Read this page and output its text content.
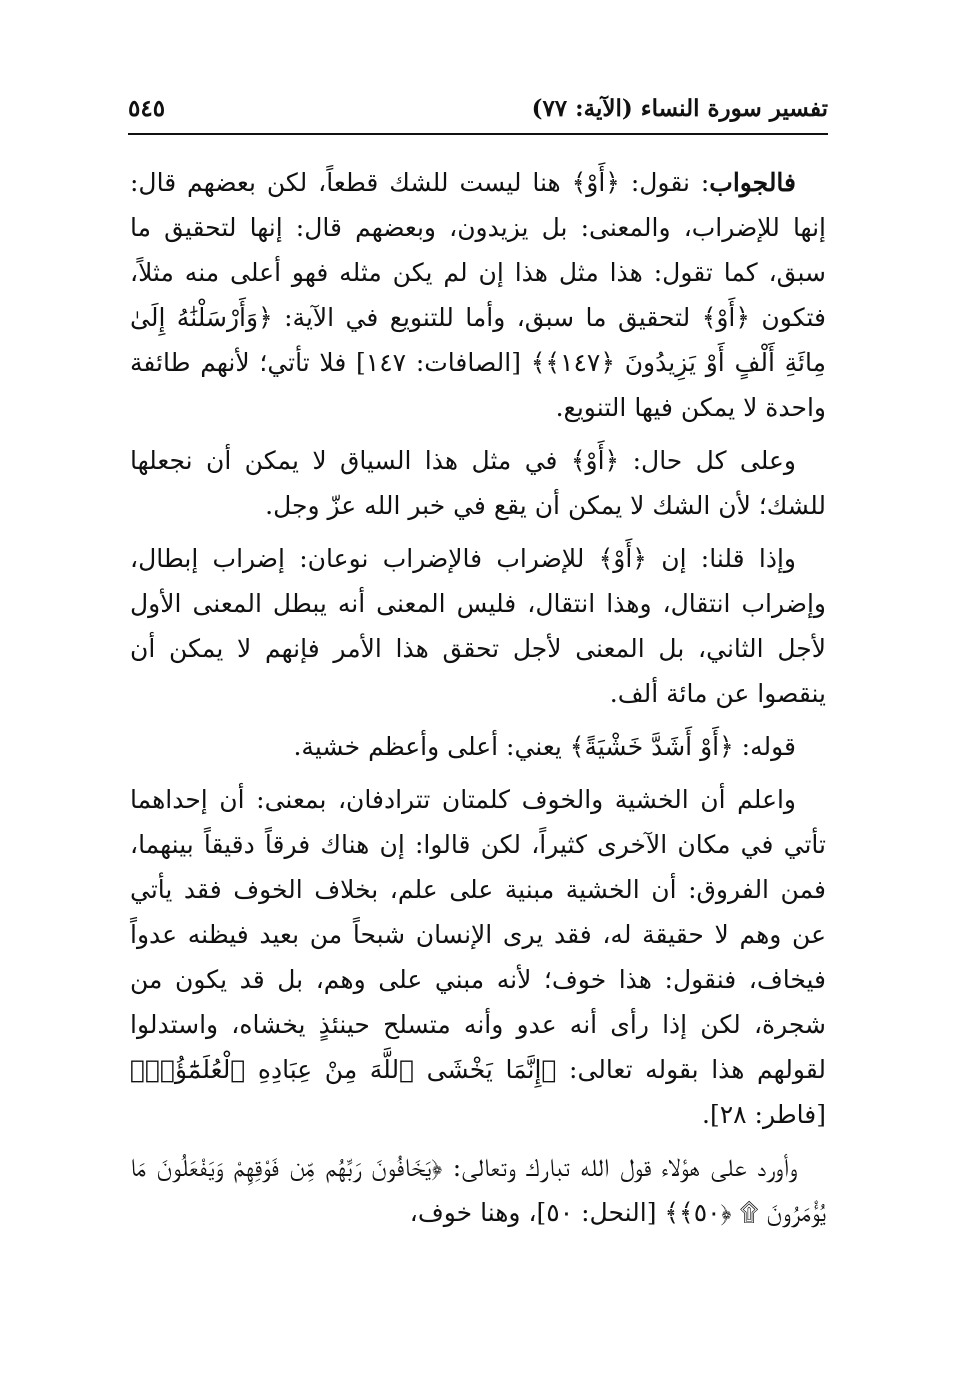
تفسير سورة النساء (الآية: ٧٧)
٥٤٥

فالجواب: نقول: ﴿أَوْ﴾ هنا ليست للشك قطعاً، لكن بعضهم قال: إنها للإضراب، والمعنى: بل يزيدون، وبعضهم قال: إنها لتحقيق ما سبق، كما تقول: هذا مثل هذا إن لم يكن مثله فهو أعلى منه مثلاً، فتكون ﴿أَوْ﴾ لتحقيق ما سبق، وأما للتنويع في الآية: ﴿وَأَرْسَلْنَٰهُ إِلَىٰ مِائَةِ أَلْفٍ أَوْ يَزِيدُونَ ﴿١٤٧﴾﴾ [الصافات: ١٤٧] فلا تأتي؛ لأنهم طائفة واحدة لا يمكن فيها التنويع.

وعلى كل حال: ﴿أَوْ﴾ في مثل هذا السياق لا يمكن أن نجعلها للشك؛ لأن الشك لا يمكن أن يقع في خبر الله عزّ وجل.

وإذا قلنا: إن ﴿أَوْ﴾ للإضراب فالإضراب نوعان: إضراب إبطال، وإضراب انتقال، وهذا انتقال، فليس المعنى أنه يبطل المعنى الأول لأجل الثاني، بل المعنى لأجل تحقق هذا الأمر فإنهم لا يمكن أن ينقصوا عن مائة ألف.

قوله: ﴿أَوْ أَشَدَّ خَشْيَةً﴾ يعني: أعلى وأعظم خشية.

واعلم أن الخشية والخوف كلمتان تترادفان، بمعنى: أن إحداهما تأتي في مكان الآخرى كثيراً، لكن قالوا: إن هناك فرقاً دقيقاً بينهما، فمن الفروق: أن الخشية مبنية على علم، بخلاف الخوف فقد يأتي عن وهم لا حقيقة له، فقد يرى الإنسان شبحاً من بعيد فيظنه عدواً فيخاف، فنقول: هذا خوف؛ لأنه مبني على وهم، بل قد يكون من شجرة، لكن إذا رأى أنه عدو وأنه متسلح حينئذٍ يخشاه، واستدلوا لقولهم هذا بقوله تعالى: ﴿إِنَّمَا يَخْشَى ٱللَّهَ مِنْ عِبَادِهِ ٱلْعُلَمَٰٓؤُا۟﴾ [فاطر: ٢٨].

وأورد على هؤلاء قول الله تبارك وتعالى: ﴿يَخَافُونَ رَبَّهُم مِّن فَوْقِهِمْ وَيَفْعَلُونَ مَا يُؤْمَرُونَ ۩ ﴿٥٠﴾﴾ [النحل: ٥٠]، وهنا خوف،
